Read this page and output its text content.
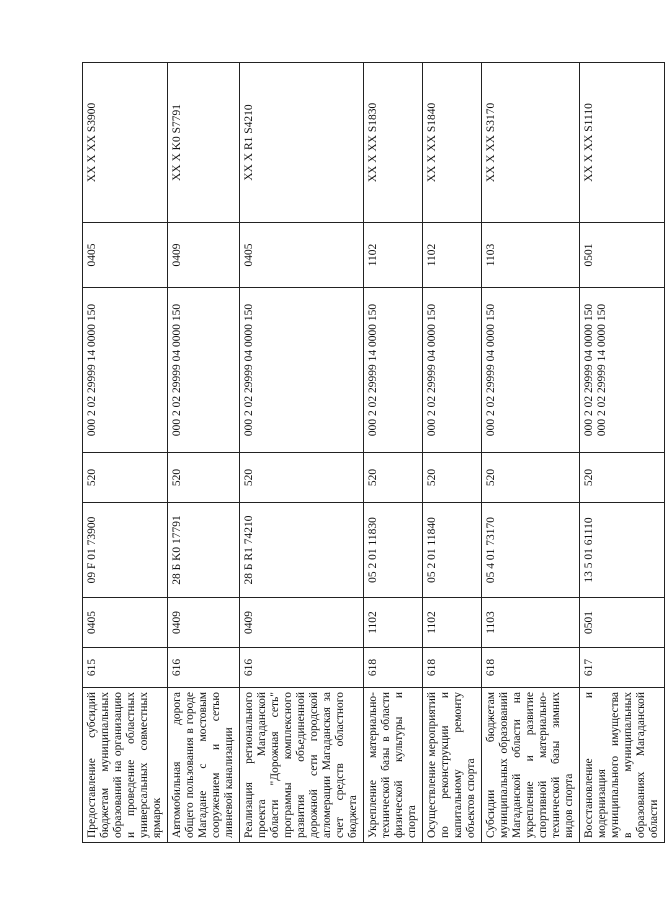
Предоставление субсидий бюджетам муниципальных образований на организацию и проведение областных универсальных совместных ярмарок	615	0405	09 F 01 73900	520	000 2 02 29999 14 0000 150	0405	XX X XX S3900
Автомобильная дорога общего пользования в городе Магадане с мостовым сооружением и сетью ливневой канализации	616	0409	28 Б K0 17791	520	000 2 02 29999 04 0000 150	0409	XX X K0 S7791
Реализация регионального проекта Магаданской области "Дорожная сеть" программы комплексного развития объединенной дорожной сети городской агломерации Магаданская за счет средств областного бюджета	616	0409	28 Б R1 74210	520	000 2 02 29999 04 0000 150	0405	XX X R1 S4210
Укрепление материально-технической базы в области физической культуры и спорта	618	1102	05 2 01 11830	520	000 2 02 29999 14 0000 150	1102	XX X XX S1830
Осуществление мероприятий по реконструкции и капитальному ремонту объектов спорта	618	1102	05 2 01 11840	520	000 2 02 29999 04 0000 150	1102	XX X XX S1840
Субсидии бюджетам муниципальных образований Магаданской области на укрепление и развитие спортивной материально-технической базы зимних видов спорта	618	1103	05 4 01 73170	520	000 2 02 29999 04 0000 150	1103	XX X XX S3170
Восстановление и модернизация муниципального имущества в муниципальных образованиях Магаданской области	617	0501	13 5 01 61110	520	000 2 02 29999 04 0000 150 000 2 02 29999 14 0000 150	0501	XX X XX S1110
